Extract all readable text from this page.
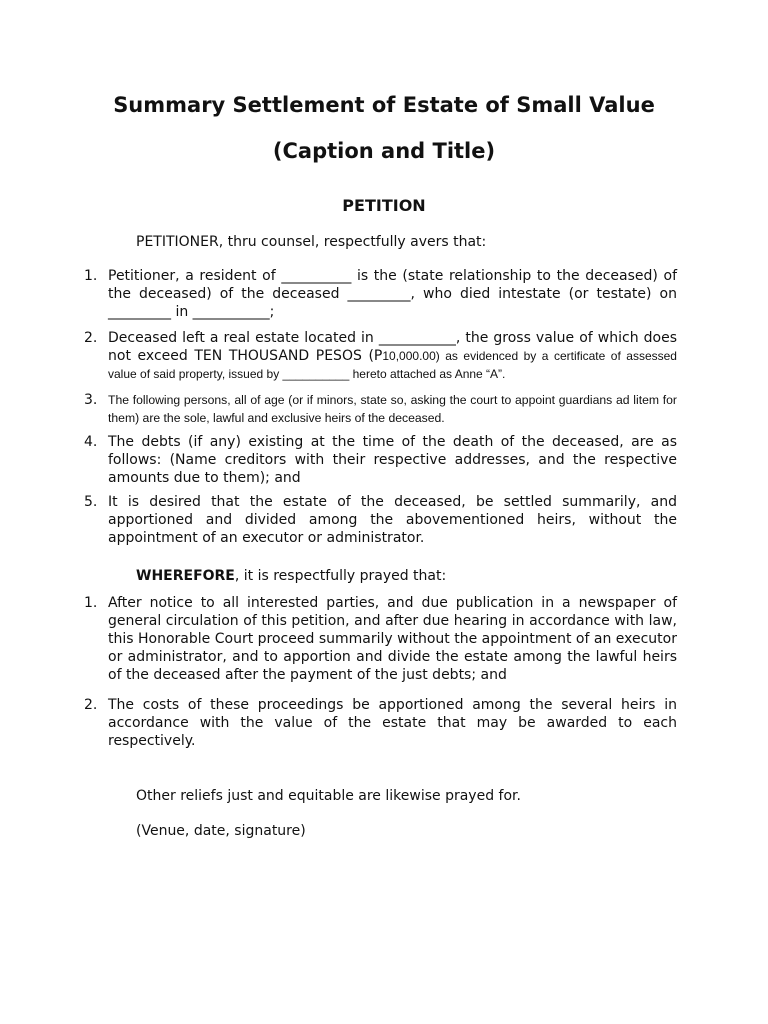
Summary Settlement of Estate of Small Value
(Caption and Title)
PETITION
PETITIONER, thru counsel, respectfully avers that:
1. Petitioner, a resident of __________ is the (state relationship to the deceased) of the deceased) of the deceased _________, who died intestate (or testate) on _________ in ___________;
2. Deceased left a real estate located in ___________, the gross value of which does not exceed TEN THOUSAND PESOS (P10,000.00) as evidenced by a certificate of assessed value of said property, issued by __________ hereto attached as Anne “A”.
3. The following persons, all of age (or if minors, state so, asking the court to appoint guardians ad litem for them) are the sole, lawful and exclusive heirs of the deceased.
4. The debts (if any) existing at the time of the death of the deceased, are as follows: (Name creditors with their respective addresses, and the respective amounts due to them); and
5. It is desired that the estate of the deceased, be settled summarily, and apportioned and divided among the abovementioned heirs, without the appointment of an executor or administrator.
WHEREFORE, it is respectfully prayed that:
1. After notice to all interested parties, and due publication in a newspaper of general circulation of this petition, and after due hearing in accordance with law, this Honorable Court proceed summarily without the appointment of an executor or administrator, and to apportion and divide the estate among the lawful heirs of the deceased after the payment of the just debts; and
2. The costs of these proceedings be apportioned among the several heirs in accordance with the value of the estate that may be awarded to each respectively.
Other reliefs just and equitable are likewise prayed for.
(Venue, date, signature)
